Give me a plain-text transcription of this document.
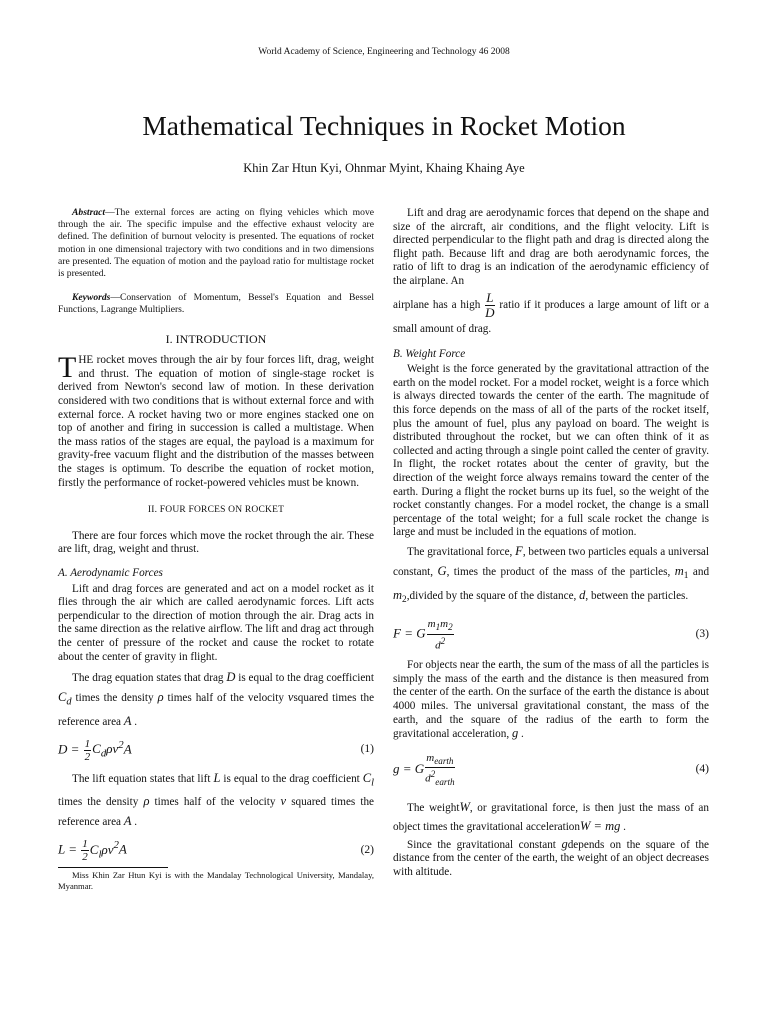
World Academy of Science, Engineering and Technology 46 2008
Mathematical Techniques in Rocket Motion
Khin Zar Htun Kyi, Ohnmar Myint, Khaing Khaing Aye

Abstract—The external forces are acting on flying vehicles which move through the air. The specific impulse and the effective exhaust velocity are defined. The definition of burnout velocity is presented. The equations of rocket motion in one dimensional trajectory with two conditions and in two dimensions are presented. The equation of motion and the payload ratio for multistage rocket is presented.

Keywords—Conservation of Momentum, Bessel's Equation and Bessel Functions, Lagrange Multipliers.

I. INTRODUCTION

THE rocket moves through the air by four forces lift, drag, weight and thrust. The equation of motion of single-stage rocket is derived from Newton's second law of motion. In these derivation considered with two conditions that is without external force and with external force. A rocket having two or more engines stacked one on top of another and firing in succession is called a multistage. When the mass ratios of the stages are equal, the payload is a maximum for gravity-free vacuum flight and the distribution of the masses between the stages is optimum. To describe the equation of rocket motion, firstly the performance of rocket-powered vehicles must be known.

II. FOUR FORCES ON ROCKET

There are four forces which move the rocket through the air. These are lift, drag, weight and thrust.

A. Aerodynamic Forces

Lift and drag forces are generated and act on a model rocket as it flies through the air which are called aerodynamic forces. Lift acts perpendicular to the direction of motion through the air. Drag acts in the same direction as the relative airflow. The lift and drag act through the center of pressure of the rocket and cause the rocket to rotate about the center of gravity in flight.

The drag equation states that drag D is equal to the drag coefficient $C_d$ times the density ρ times half of the velocity vsquared times the reference area A .

$D = \frac{1}{2} C_d\rho v^2A$	(1)

The lift equation states that lift L is equal to the drag coefficient $C_l$ times the density ρ times half of the velocity v squared times the reference area A .

$L = \frac{1}{2} C_l\rho v^2A$	(2)

Miss Khin Zar Htun Kyi is with the Mandalay Technological University, Mandalay, Myanmar.

Lift and drag are aerodynamic forces that depend on the shape and size of the aircraft, air conditions, and the flight velocity. Lift is directed perpendicular to the flight path and drag is directed along the flight path. Because lift and drag are both aerodynamic forces, the ratio of lift to drag is an indication of the aerodynamic efficiency of the airplane. An

airplane has a high $\frac{L}{D}$ ratio if it produces a large amount of lift or a small amount of drag.

B. Weight Force

Weight is the force generated by the gravitational attraction of the earth on the model rocket. For a model rocket, weight is a force which is always directed towards the center of the earth. The magnitude of this force depends on the mass of all of the parts of the rocket itself, plus the amount of fuel, plus any payload on board. The weight is distributed throughout the rocket, but we can often think of it as collected and acting through a single point called the center of gravity. In flight, the rocket rotates about the center of gravity, but the direction of the weight force always remains toward the center of the earth. During a flight the rocket burns up its fuel, so the weight of the rocket constantly changes. For a model rocket, the change is a small percentage of the total weight; for a full scale rocket the change is large and must be included in the equations of motion.

The gravitational force, F, between two particles equals a universal constant, G, times the product of the mass of the particles, $m_1$ and $m_2,divided$ by the square of the distance, d, between the particles.

F = G $\frac{m_1m_2}{d^2}$	(3)

For objects near the earth, the sum of the mass of all the particles is simply the mass of the earth and the distance is then measured from the center of the earth. On the surface of the earth the distance is about 4000 miles. The universal gravitational constant, the mass of the earth, and the square of the radius of the earth to form the gravitational acceleration, g .

g = G $\frac{m_{earth}}{d^2_{earth}}$	(4)

The weightW, or gravitational force, is then just the mass of an object times the gravitational accelerationW = mg .

Since the gravitational constant gdepends on the square of the distance from the center of the earth, the weight of an object decreases with altitude.
